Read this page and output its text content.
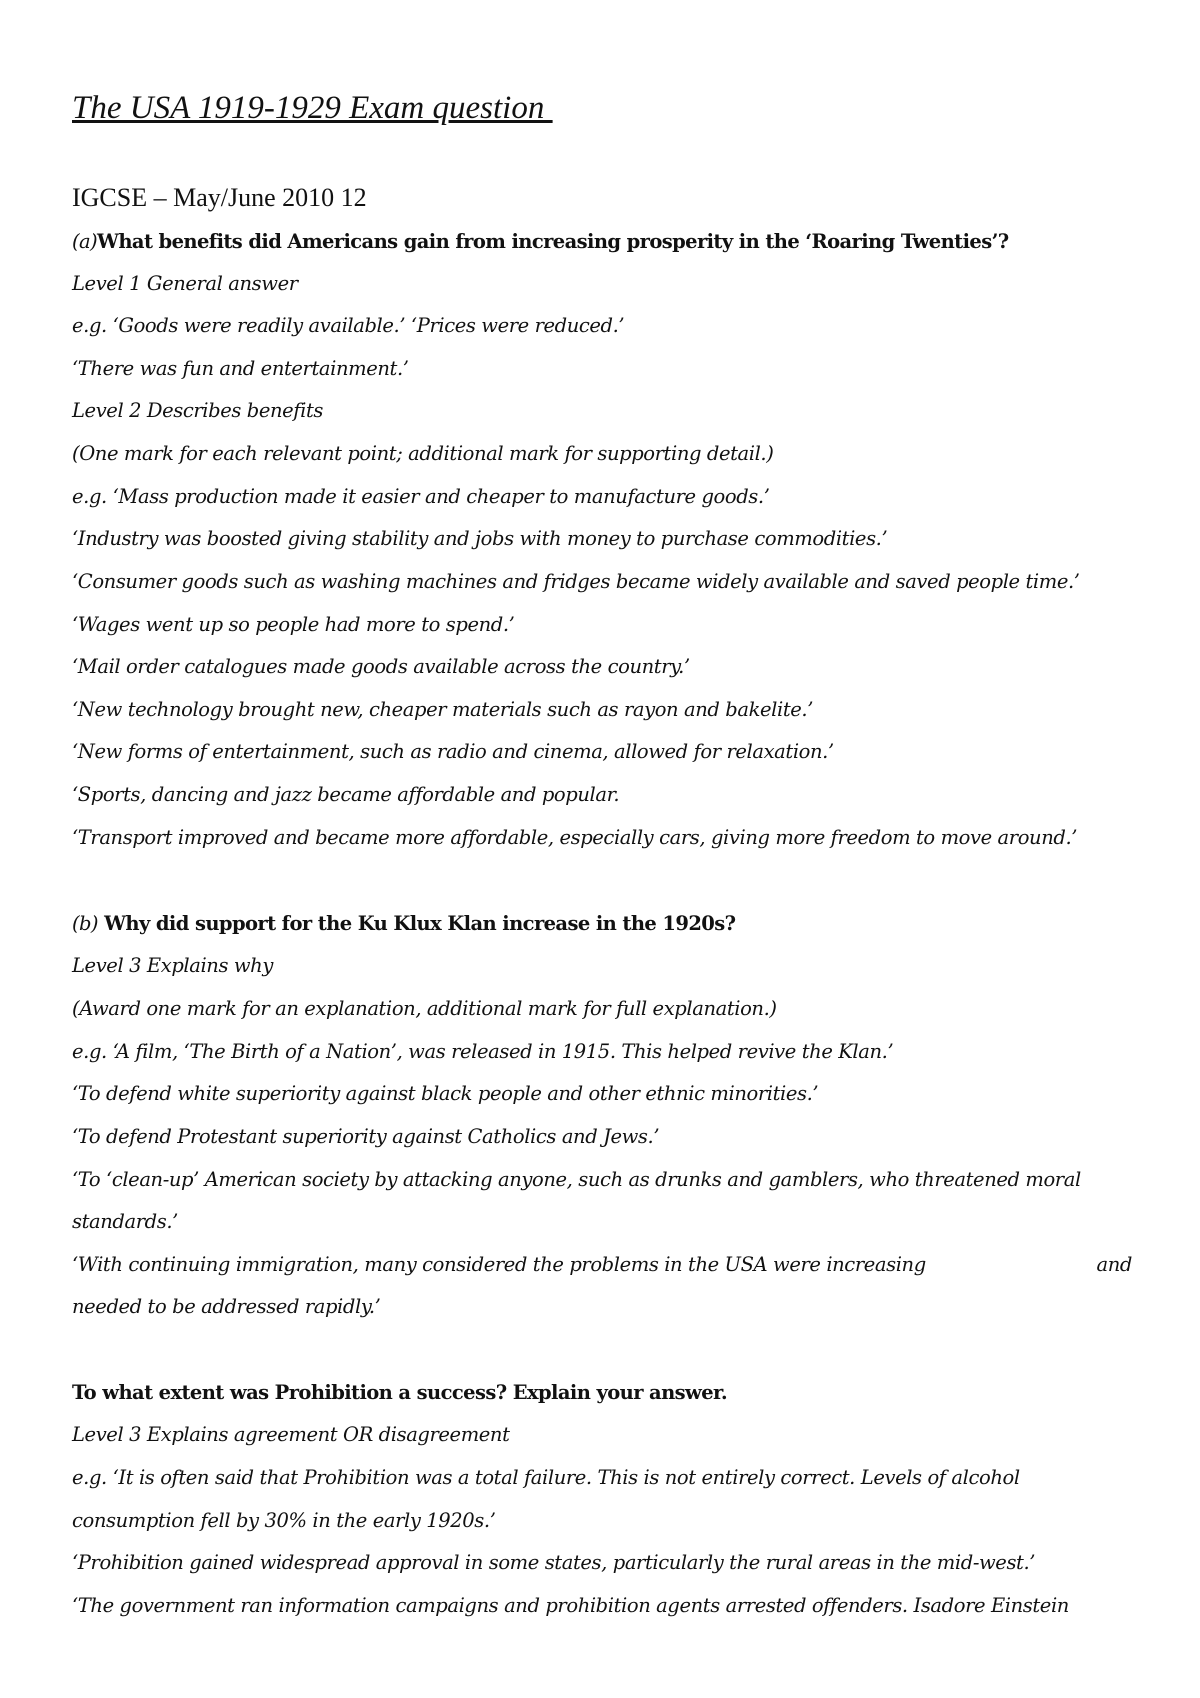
The USA 1919-1929 Exam question
IGCSE – May/June 2010 12
(a)What benefits did Americans gain from increasing prosperity in the ‘Roaring Twenties’?
Level 1 General answer
e.g. ‘Goods were readily available.’ ‘Prices were reduced.’
‘There was fun and entertainment.’
Level 2 Describes benefits
(One mark for each relevant point; additional mark for supporting detail.)
e.g. ‘Mass production made it easier and cheaper to manufacture goods.’
‘Industry was boosted giving stability and jobs with money to purchase commodities.’
‘Consumer goods such as washing machines and fridges became widely available and saved people time.’
‘Wages went up so people had more to spend.’
‘Mail order catalogues made goods available across the country.’
‘New technology brought new, cheaper materials such as rayon and bakelite.’
‘New forms of entertainment, such as radio and cinema, allowed for relaxation.’
‘Sports, dancing and jazz became affordable and popular.
‘Transport improved and became more affordable, especially cars, giving more freedom to move around.’
(b) Why did support for the Ku Klux Klan increase in the 1920s?
Level 3 Explains why
(Award one mark for an explanation, additional mark for full explanation.)
e.g. ‘A film, ‘The Birth of a Nation’, was released in 1915. This helped revive the Klan.’
‘To defend white superiority against black people and other ethnic minorities.’
‘To defend Protestant superiority against Catholics and Jews.’
‘To ‘clean-up’ American society by attacking anyone, such as drunks and gamblers, who threatened moral
standards.’
‘With continuing immigration, many considered the problems in the USA were increasing	and
needed to be addressed rapidly.’
To what extent was Prohibition a success? Explain your answer.
Level 3 Explains agreement OR disagreement
e.g. ‘It is often said that Prohibition was a total failure. This is not entirely correct. Levels of alcohol
consumption fell by 30% in the early 1920s.’
‘Prohibition gained widespread approval in some states, particularly the rural areas in the mid-west.’
‘The government ran information campaigns and prohibition agents arrested offenders. Isadore Einstein
